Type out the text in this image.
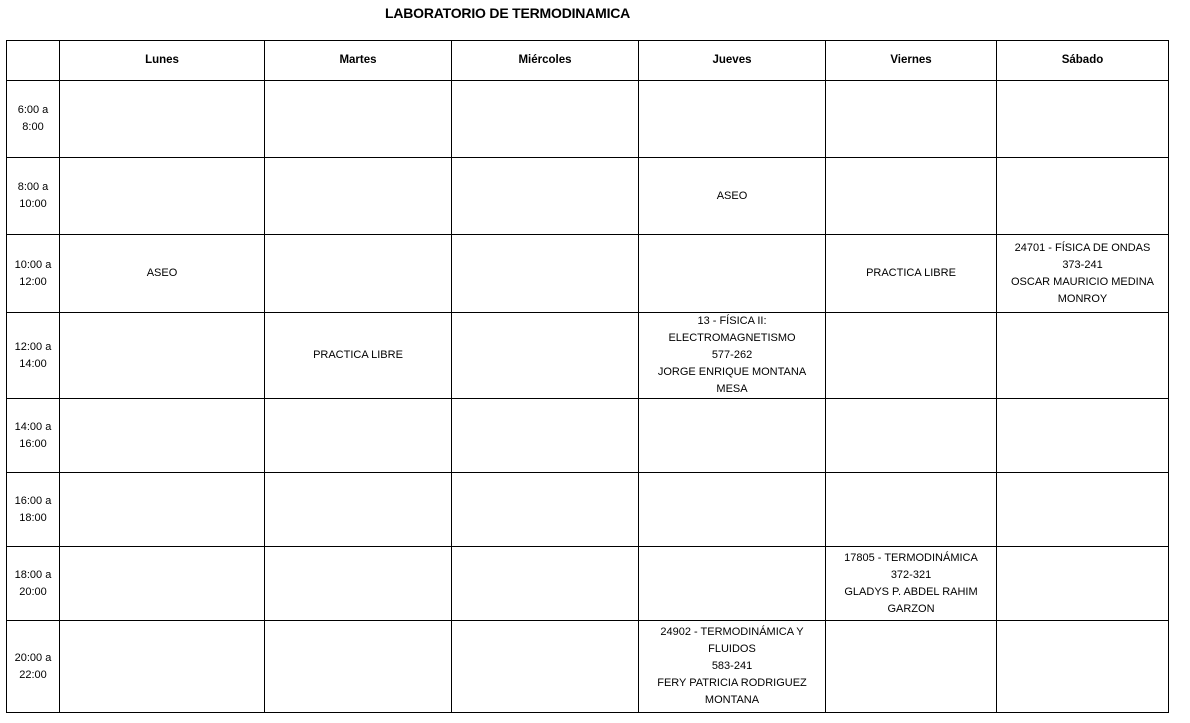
LABORATORIO DE TERMODINAMICA
	Lunes	Martes	Miércoles	Jueves	Viernes	Sábado

6:00 a
8:00						

8:00 a
10:00				ASEO		

10:00 a
12:00	ASEO				PRACTICA LIBRE	24701 - FÍSICA DE ONDAS
373-241
OSCAR MAURICIO MEDINA
MONROY

12:00 a
14:00		PRACTICA LIBRE		13 - FÍSICA II:
ELECTROMAGNETISMO
577-262
JORGE ENRIQUE MONTANA MESA		

14:00 a
16:00						

16:00 a
18:00						

18:00 a
20:00					17805 - TERMODINÁMICA
372-321
GLADYS P. ABDEL RAHIM
GARZON	

20:00 a
22:00				24902 - TERMODINÁMICA Y
FLUIDOS
583-241
FERY PATRICIA RODRIGUEZ
MONTANA		
